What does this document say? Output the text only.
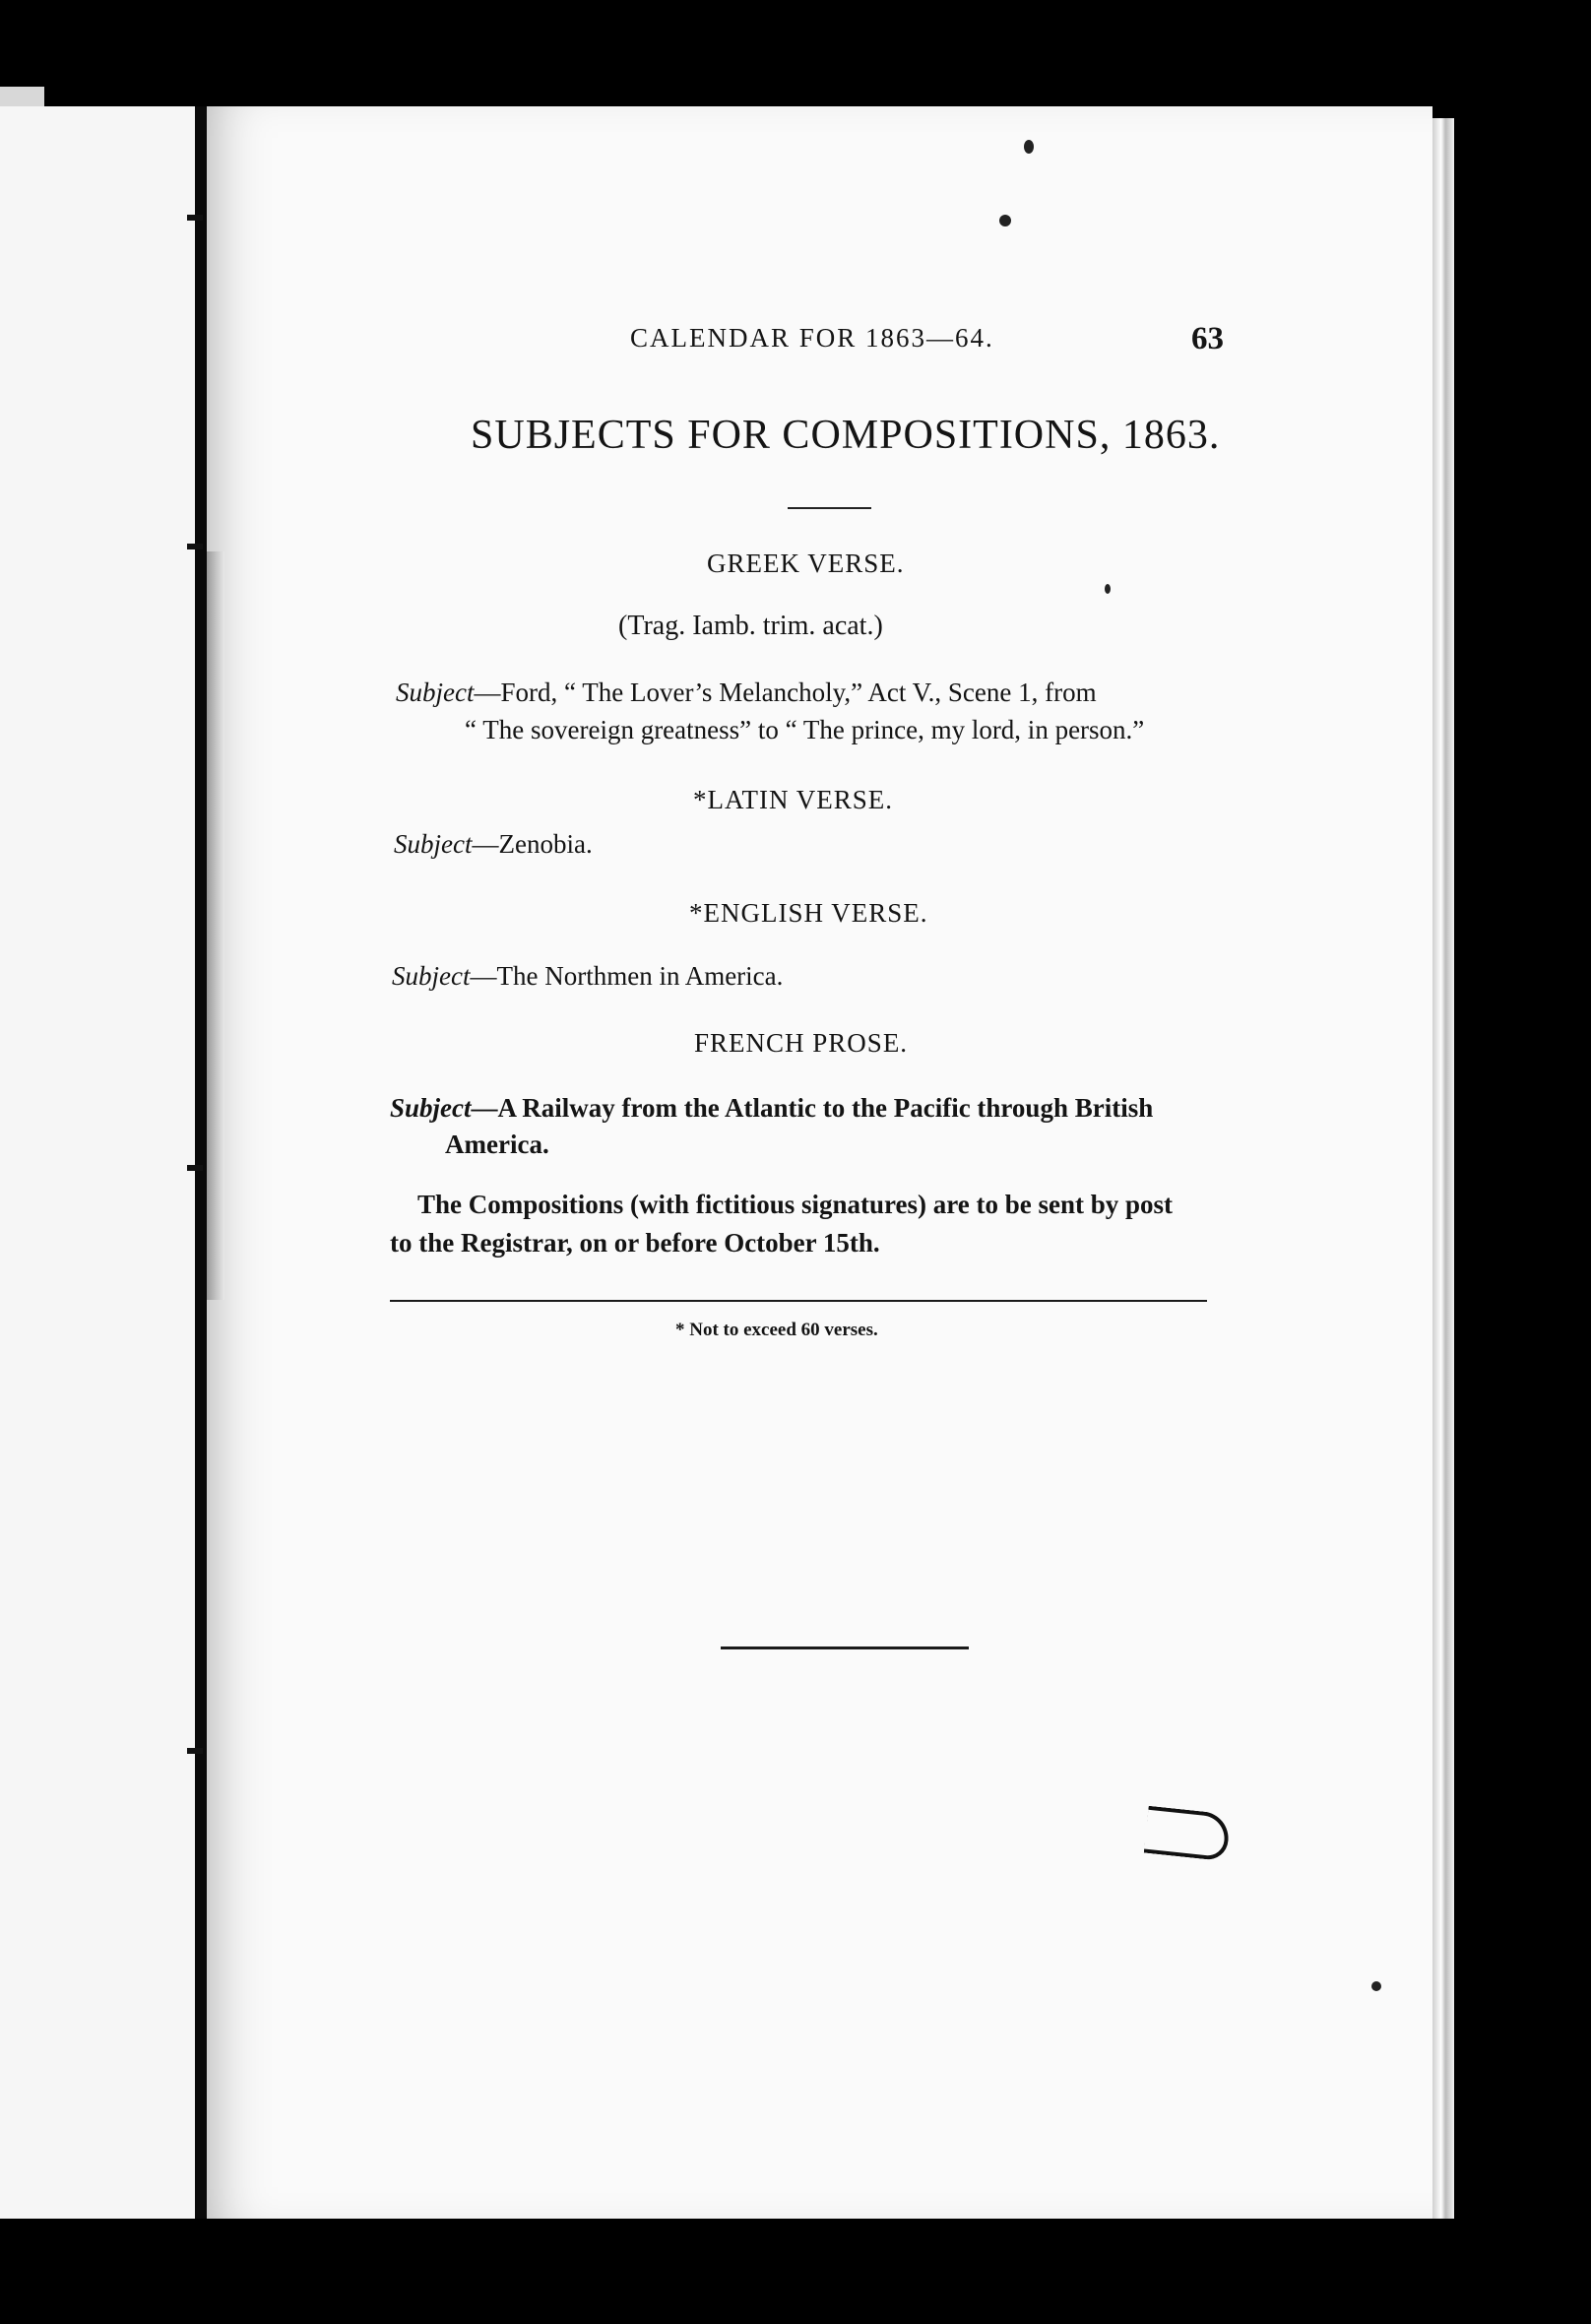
CALENDAR FOR 1863—64.	63
SUBJECTS FOR COMPOSITIONS, 1863.
GREEK VERSE.
(Trag. Iamb. trim. acat.)
Subject—Ford, “ The Lover’s Melancholy,” Act V., Scene 1, from
“ The sovereign greatness” to “ The prince, my lord, in person.”
*LATIN VERSE.
Subject—Zenobia.
*ENGLISH VERSE.
Subject—The Northmen in America.
FRENCH PROSE.
Subject—A Railway from the Atlantic to the Pacific through British
America.
The Compositions (with fictitious signatures) are to be sent by post
to the Registrar, on or before October 15th.
* Not to exceed 60 verses.
